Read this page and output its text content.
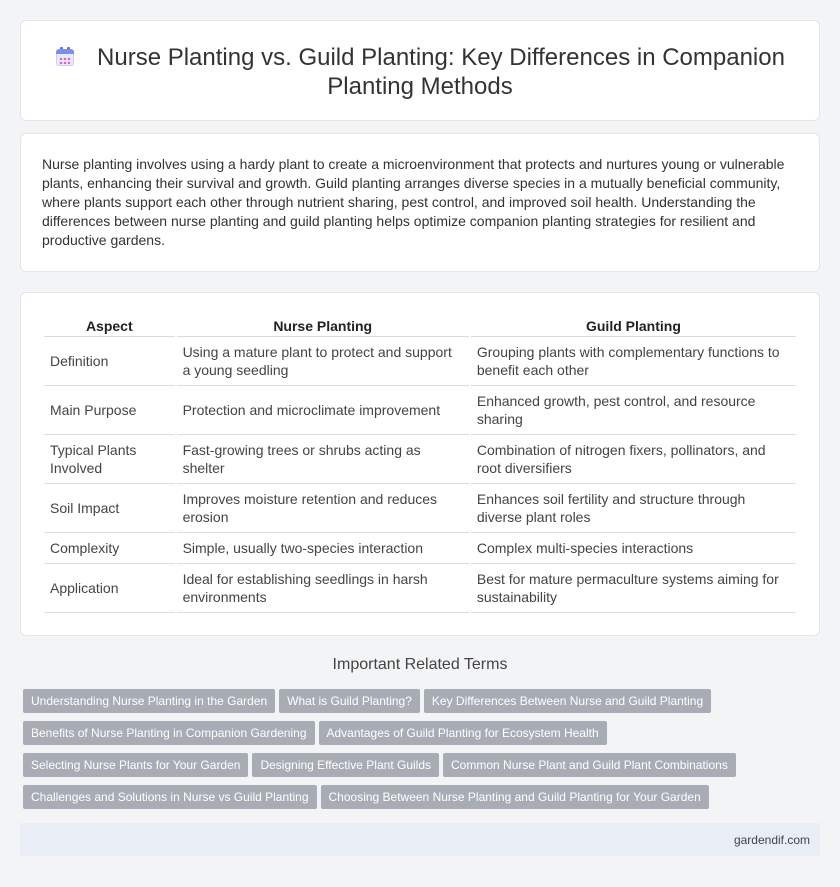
Nurse Planting vs. Guild Planting: Key Differences in Companion Planting Methods

Nurse planting involves using a hardy plant to create a microenvironment that protects and nurtures young or vulnerable plants, enhancing their survival and growth. Guild planting arranges diverse species in a mutually beneficial community, where plants support each other through nutrient sharing, pest control, and improved soil health. Understanding the differences between nurse planting and guild planting helps optimize companion planting strategies for resilient and productive gardens.

Aspect	Nurse Planting	Guild Planting
Definition	Using a mature plant to protect and support a young seedling	Grouping plants with complementary functions to benefit each other
Main Purpose	Protection and microclimate improvement	Enhanced growth, pest control, and resource sharing
Typical Plants Involved	Fast-growing trees or shrubs acting as shelter	Combination of nitrogen fixers, pollinators, and root diversifiers
Soil Impact	Improves moisture retention and reduces erosion	Enhances soil fertility and structure through diverse plant roles
Complexity	Simple, usually two-species interaction	Complex multi-species interactions
Application	Ideal for establishing seedlings in harsh environments	Best for mature permaculture systems aiming for sustainability
Important Related Terms
Understanding Nurse Planting in the Garden What is Guild Planting? Key Differences Between Nurse and Guild Planting
Benefits of Nurse Planting in Companion Gardening Advantages of Guild Planting for Ecosystem Health
Selecting Nurse Plants for Your Garden Designing Effective Plant Guilds Common Nurse Plant and Guild Plant Combinations
Challenges and Solutions in Nurse vs Guild Planting Choosing Between Nurse Planting and Guild Planting for Your Garden
gardendif.com
